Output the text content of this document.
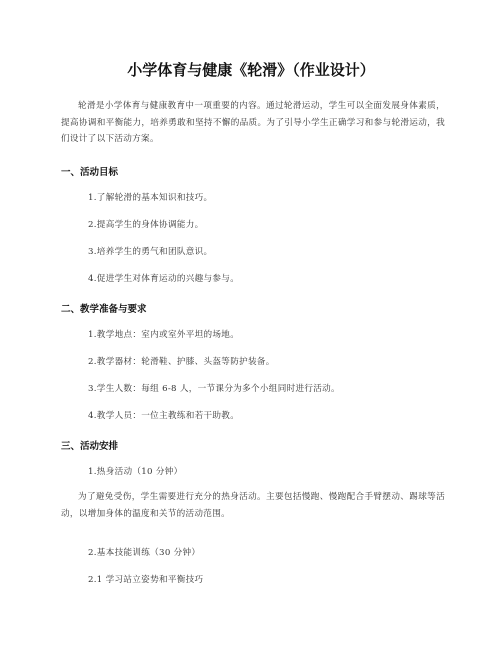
小学体育与健康《轮滑》（作业设计）

轮滑是小学体育与健康教育中一项重要的内容。通过轮滑运动，学生可以全面发展身体素质，提高协调和平衡能力，培养勇敢和坚持不懈的品质。为了引导小学生正确学习和参与轮滑运动，我们设计了以下活动方案。

一、活动目标

1.了解轮滑的基本知识和技巧。

2.提高学生的身体协调能力。

3.培养学生的勇气和团队意识。

4.促进学生对体育运动的兴趣与参与。

二、教学准备与要求

1.教学地点：室内或室外平坦的场地。

2.教学器材：轮滑鞋、护膝、头盔等防护装备。

3.学生人数：每组 6-8 人，一节课分为多个小组同时进行活动。

4.教学人员：一位主教练和若干助教。

三、活动安排

1.热身活动（10 分钟）

为了避免受伤，学生需要进行充分的热身活动。主要包括慢跑、慢跑配合手臂摆动、踢球等活动，以增加身体的温度和关节的活动范围。

2.基本技能训练（30 分钟）

2.1 学习站立姿势和平衡技巧
